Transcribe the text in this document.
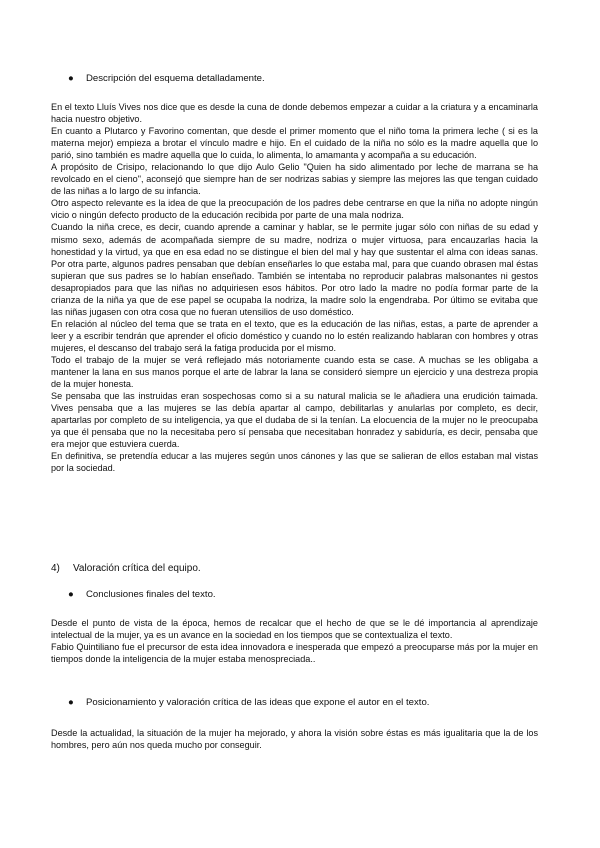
●	Descripción del esquema detalladamente.

En el texto Lluís Vives nos dice que es desde la cuna de donde debemos empezar a cuidar a la criatura y a encaminarla hacia nuestro objetivo.

En cuanto a Plutarco y Favorino comentan, que desde el primer momento que el niño toma la primera leche ( si es la materna mejor) empieza a brotar el vínculo madre e hijo. En el cuidado de la niña no sólo es la madre aquella que lo parió, sino también es madre aquella que lo cuida, lo alimenta, lo amamanta y acompaña a su educación.

A propósito de Crisipo, relacionando lo que dijo Aulo Gelio "Quien ha sido alimentado por leche de marrana se ha revolcado en el cieno", aconsejó que siempre han de ser nodrizas sabias y siempre las mejores las que tengan cuidado de las niñas a lo largo de su infancia.

Otro aspecto relevante es la idea de que la preocupación de los padres debe centrarse en que la niña no adopte ningún vicio o ningún defecto producto de la educación recibida por parte de una mala nodriza.

Cuando la niña crece, es decir, cuando aprende a caminar y hablar, se le permite jugar sólo con niñas de su edad y mismo sexo, además de acompañada siempre de su madre, nodriza o mujer virtuosa, para encauzarlas hacia la honestidad y la virtud, ya que en esa edad no se distingue el bien del mal y hay que sustentar el alma con ideas sanas. Por otra parte, algunos padres pensaban que debían enseñarles lo que estaba mal, para que cuando obrasen mal éstas supieran que sus padres se lo habían enseñado. También se intentaba no reproducir palabras malsonantes ni gestos desapropiados para que las niñas no adquiriesen esos hábitos. Por otro lado la madre no podía formar parte de la crianza de la niña ya que de ese papel se ocupaba la nodriza, la madre solo la engendraba. Por último se evitaba que las niñas jugasen con otra cosa que no fueran utensilios de uso doméstico.

En relación al núcleo del tema que se trata en el texto, que es la educación de las niñas, estas, a parte de aprender a leer y a escribir tendrán que aprender el oficio doméstico y cuando no lo estén realizando hablaran con hombres y otras mujeres, el descanso del trabajo será la fatiga producida por el mismo.

Todo el trabajo de la mujer se verá reflejado más notoriamente cuando esta se case. A muchas se les obligaba a mantener la lana en sus manos porque el arte de labrar la lana se consideró siempre un ejercicio y una destreza propia de la mujer honesta.

Se pensaba que las instruidas eran sospechosas como si a su natural malicia se le añadiera una erudición taimada. Vives pensaba que a las mujeres se las debía apartar al campo, debilitarlas y anularlas por completo, es decir, apartarlas por completo de su inteligencia, ya que el dudaba de si la tenían. La elocuencia de la mujer no le preocupaba ya que él pensaba que no la necesitaba pero sí pensaba que necesitaban honradez y sabiduría, es decir, pensaba que era mejor que estuviera cuerda.

En definitiva, se pretendía educar a las mujeres según unos cánones y las que se salieran de ellos estaban mal vistas por la sociedad.

4) Valoración crítica del equipo.
●	Conclusiones finales del texto.

Desde el punto de vista de la época, hemos de recalcar que el hecho de que se le dé importancia al aprendizaje intelectual de la mujer, ya es un avance en la sociedad en los tiempos que se contextualiza el texto.

Fabio Quintiliano fue el precursor de esta idea innovadora e inesperada que empezó a preocuparse más por la mujer en tiempos donde la inteligencia de la mujer estaba menospreciada..

●	Posicionamiento y valoración crítica de las ideas que expone el autor en el texto.

Desde la actualidad, la situación de la mujer ha mejorado, y ahora la visión sobre éstas es más igualitaria que la de los hombres, pero aún nos queda mucho por conseguir.
